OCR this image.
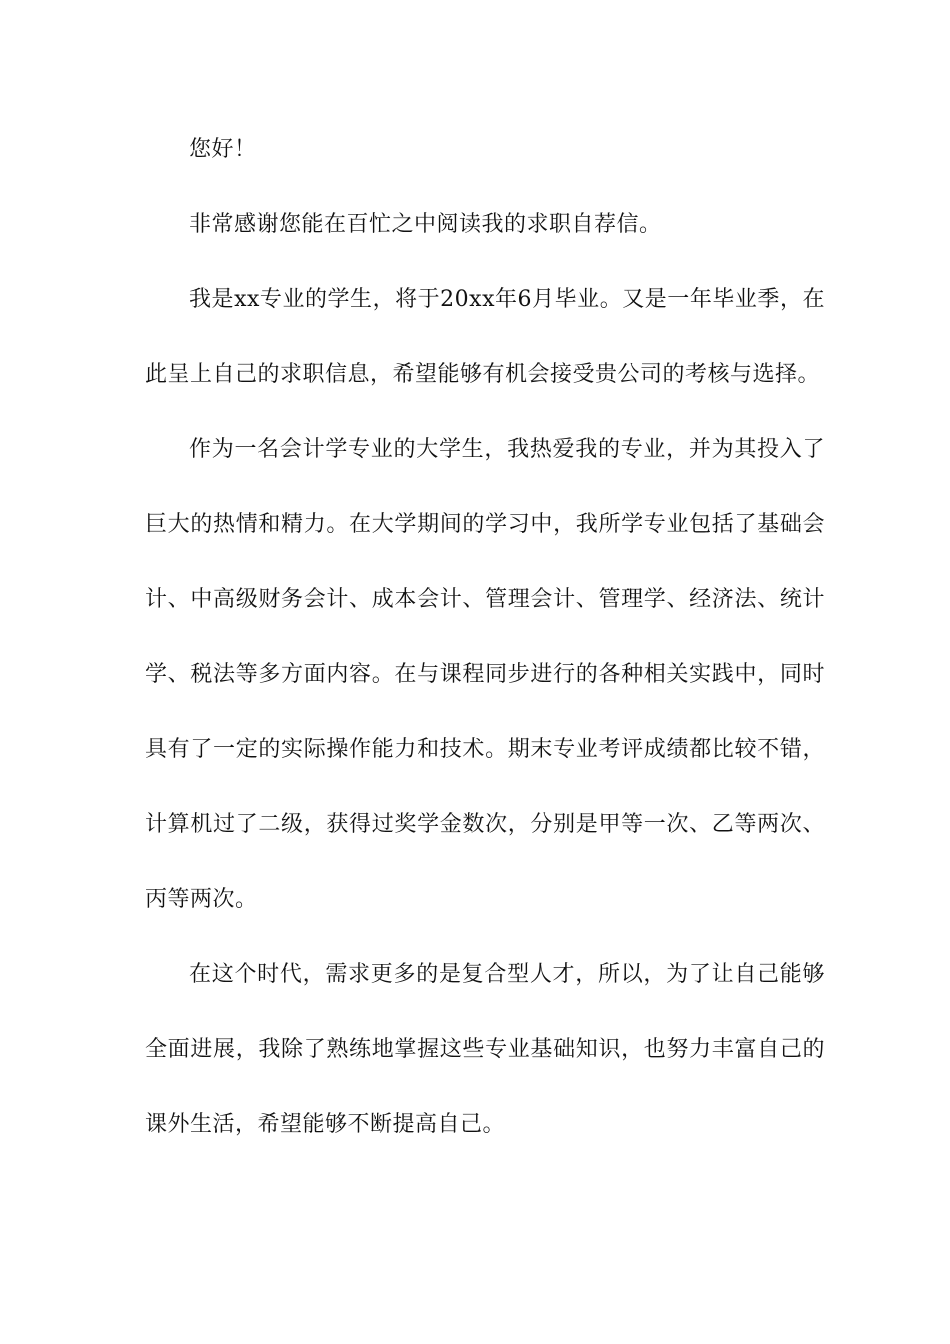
您好！

非常感谢您能在百忙之中阅读我的求职自荐信。

我是xx专业的学生，将于20xx年6月毕业。又是一年毕业季，在此呈上自己的求职信息，希望能够有机会接受贵公司的考核与选择。

作为一名会计学专业的大学生，我热爱我的专业，并为其投入了巨大的热情和精力。在大学期间的学习中，我所学专业包括了基础会计、中高级财务会计、成本会计、管理会计、管理学、经济法、统计学、税法等多方面内容。在与课程同步进行的各种相关实践中，同时具有了一定的实际操作能力和技术。期末专业考评成绩都比较不错，计算机过了二级，获得过奖学金数次，分别是甲等一次、乙等两次、丙等两次。

在这个时代，需求更多的是复合型人才，所以，为了让自己能够全面进展，我除了熟练地掌握这些专业基础知识，也努力丰富自己的课外生活，希望能够不断提高自己。
